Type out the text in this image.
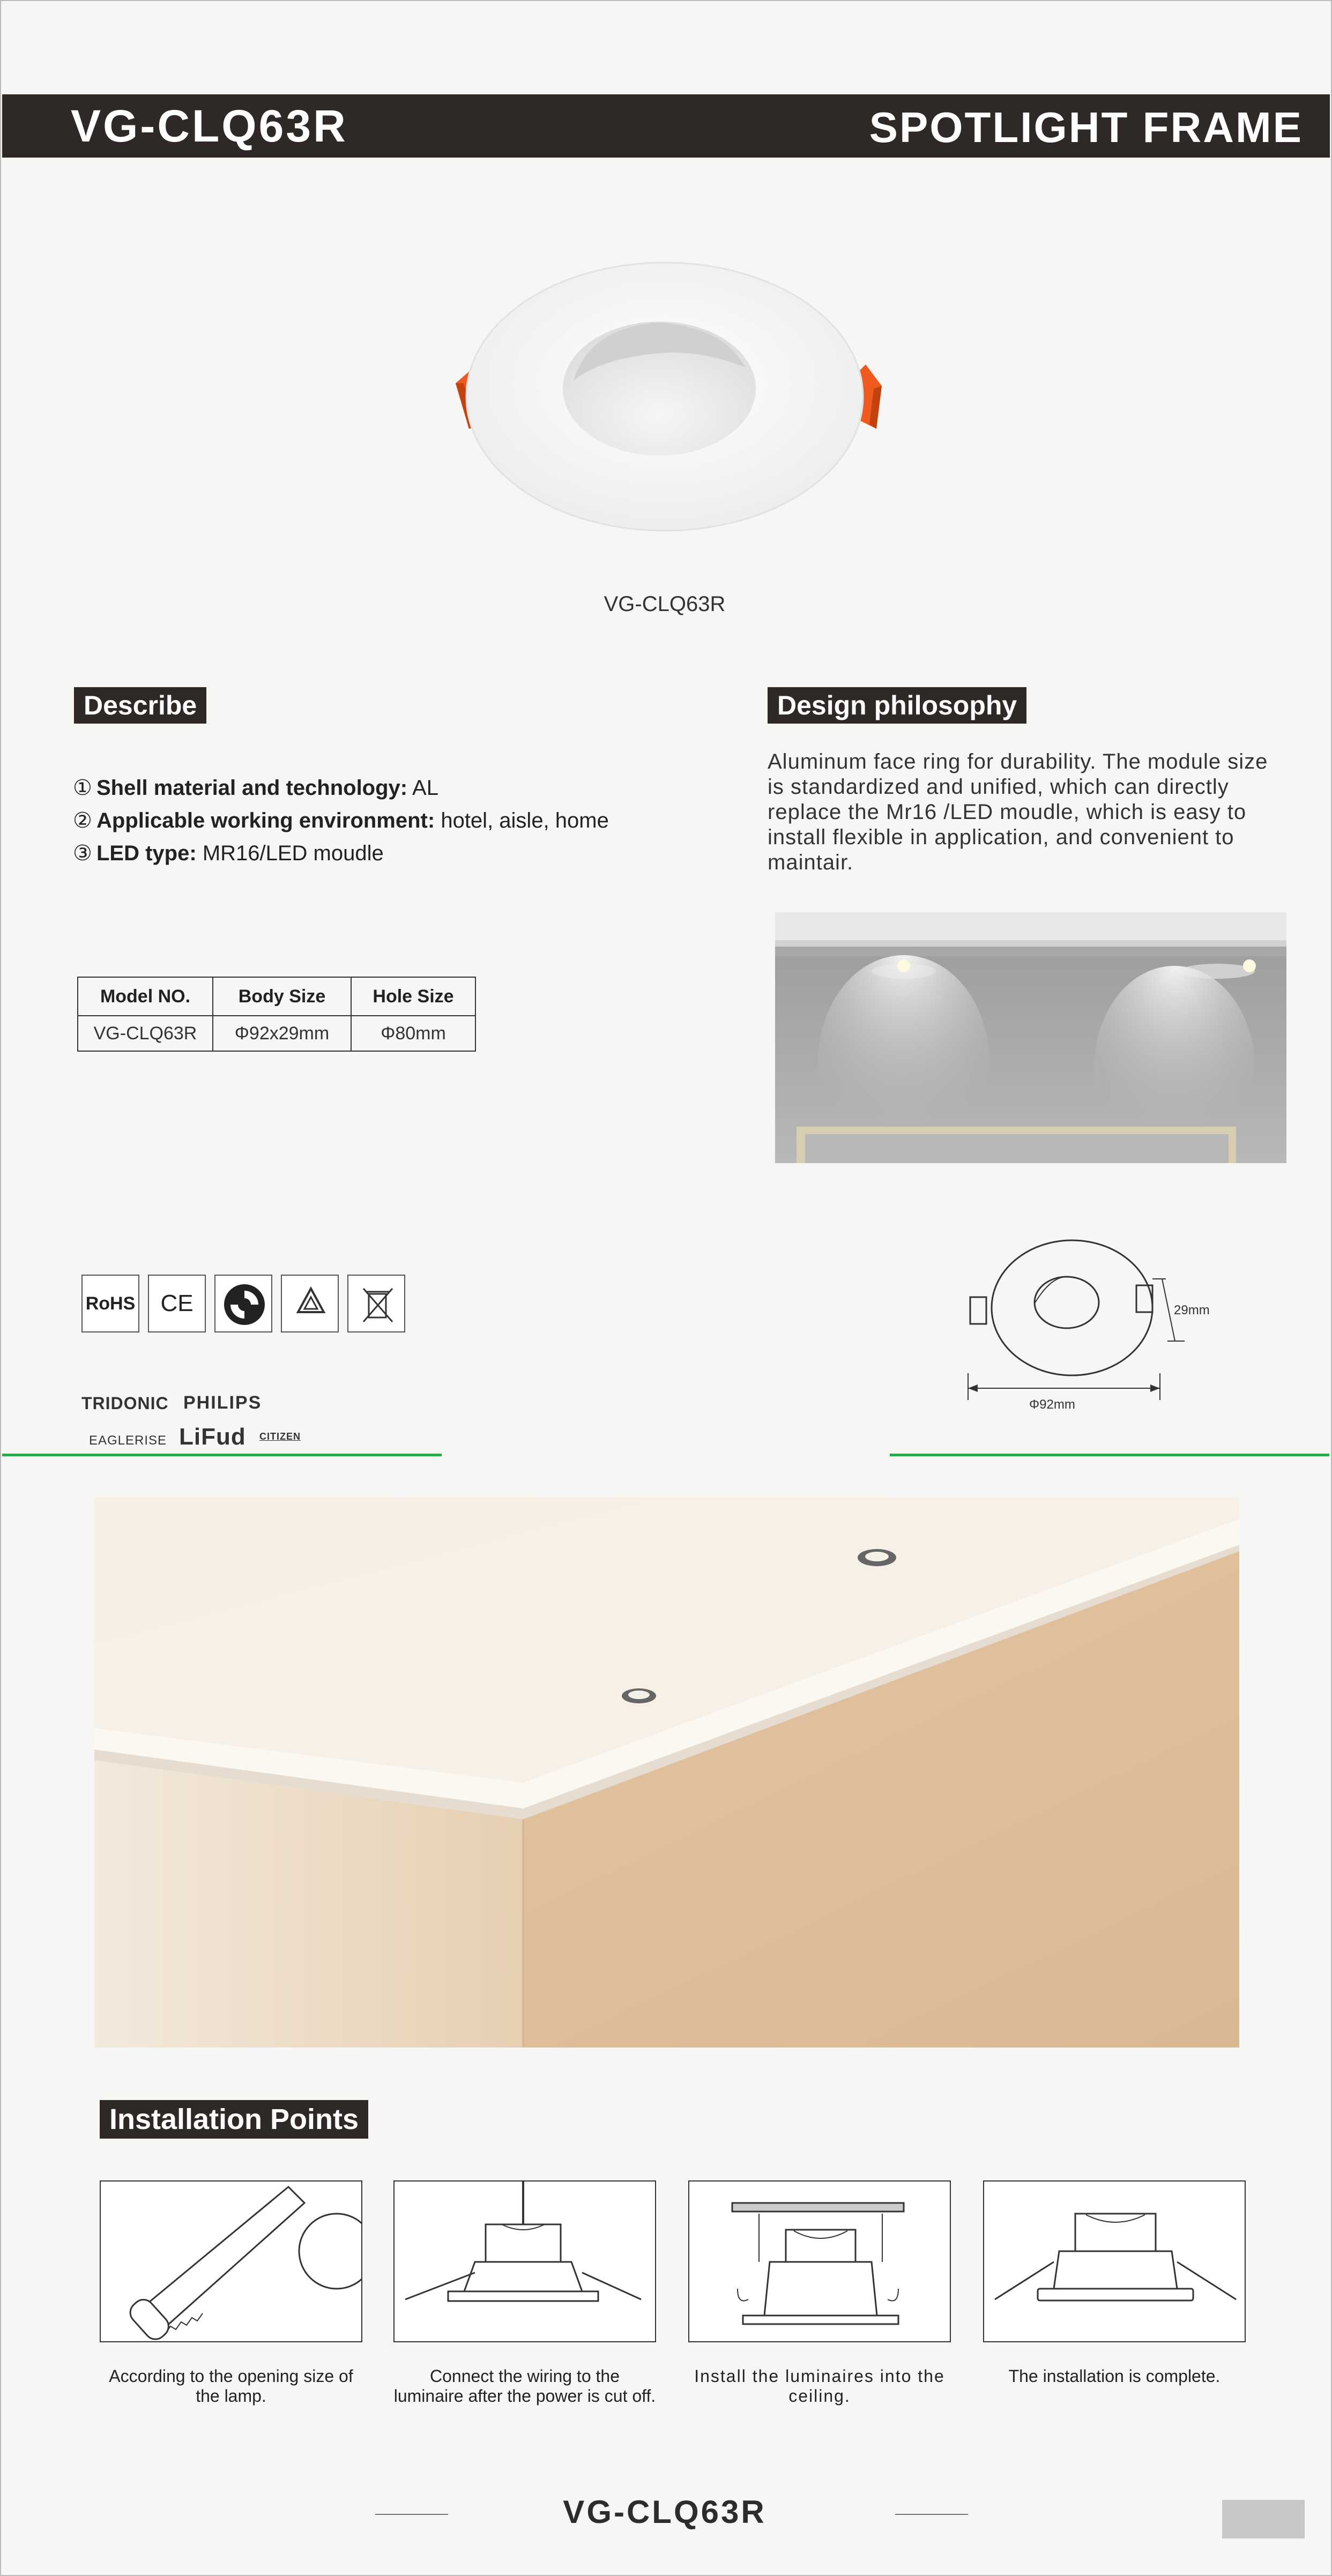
VG-CLQ63R	SPOTLIGHT FRAME
VG-CLQ63R
Describe
① Shell material and technology: AL
② Applicable working environment: hotel, aisle, home
③ LED type: MR16/LED moudle
Design philosophy
Aluminum face ring for durability. The module size is standardized and unified, which can directly replace the Mr16 /LED moudle, which is easy to install flexible in application, and convenient to maintair.
Model NO.	Body Size	Hole Size
VG-CLQ63R	Φ92x29mm	Φ80mm
RoHS	CE
TRIDONIC PHILIPS
EAGLERISE LiFud CITIZEN
29mm
Φ92mm
Installation Points
According to the opening size of the lamp.
Connect the wiring to the luminaire after the power is cut off.
Install the luminaires into the ceiling.
The installation is complete.
VG-CLQ63R
